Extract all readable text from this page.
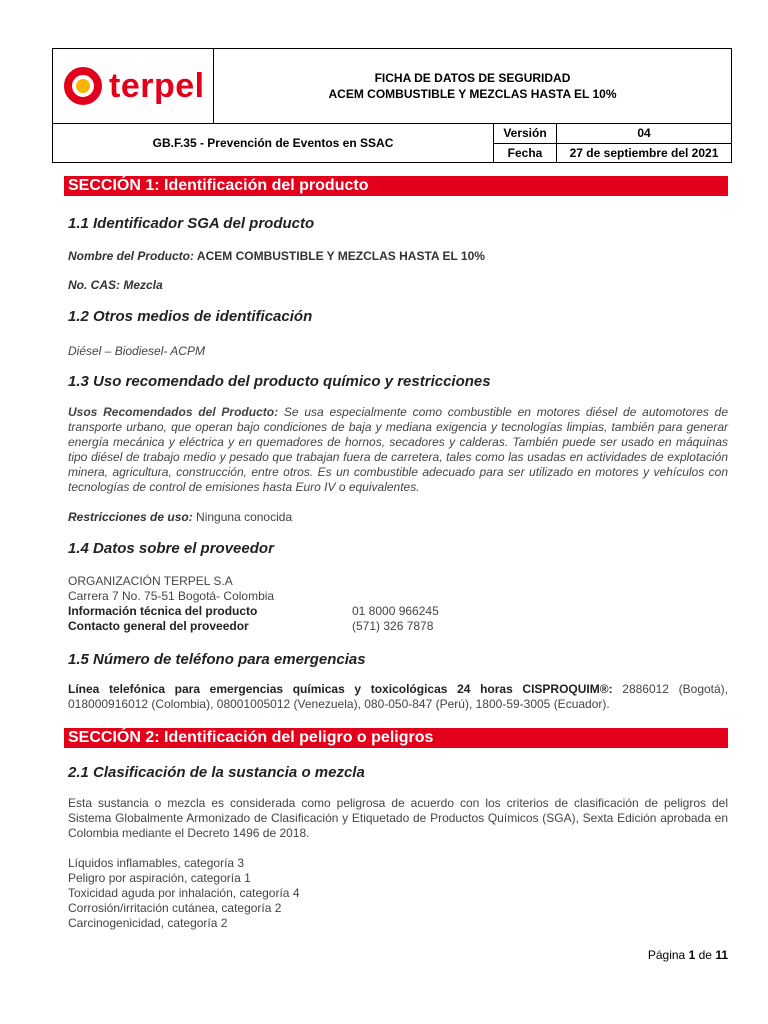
terpel	FICHA DE DATOS DE SEGURIDAD
ACEM COMBUSTIBLE Y MEZCLAS HASTA EL 10%		

GB.F.35 - Prevención de Eventos en SSAC		Versión	04
		Fecha	27 de septiembre del 2021
SECCIÓN 1: Identificación del producto
1.1 Identificador SGA del producto
Nombre del Producto: ACEM COMBUSTIBLE Y MEZCLAS HASTA EL 10%
No. CAS: Mezcla
1.2 Otros medios de identificación
Diésel – Biodiesel- ACPM
1.3 Uso recomendado del producto químico y restricciones
Usos Recomendados del Producto: Se usa especialmente como combustible en motores diésel de automotores de transporte urbano, que operan bajo condiciones de baja y mediana exigencia y tecnologías limpias, también para generar energía mecánica y eléctrica y en quemadores de hornos, secadores y calderas. También puede ser usado en máquinas tipo diésel de trabajo medio y pesado que trabajan fuera de carretera, tales como las usadas en actividades de explotación minera, agricultura, construcción, entre otros. Es un combustible adecuado para ser utilizado en motores y vehículos con tecnologías de control de emisiones hasta Euro IV o equivalentes.
Restricciones de uso: Ninguna conocida
1.4 Datos sobre el proveedor
ORGANIZACIÓN TERPEL S.A
Carrera 7 No. 75-51 Bogotá- Colombia
Información técnica del producto	01 8000 966245
Contacto general del proveedor	(571) 326 7878
1.5 Número de teléfono para emergencias
Línea telefónica para emergencias químicas y toxicológicas 24 horas CISPROQUIM®: 2886012 (Bogotá), 018000916012 (Colombia), 08001005012 (Venezuela), 080-050-847 (Perú), 1800-59-3005 (Ecuador).
SECCIÓN 2: Identificación del peligro o peligros
2.1 Clasificación de la sustancia o mezcla
Esta sustancia o mezcla es considerada como peligrosa de acuerdo con los criterios de clasificación de peligros del Sistema Globalmente Armonizado de Clasificación y Etiquetado de Productos Químicos (SGA), Sexta Edición aprobada en Colombia mediante el Decreto 1496 de 2018.
Líquidos inflamables, categoría 3
Peligro por aspiración, categoría 1
Toxicidad aguda por inhalación, categoría 4
Corrosión/irritación cutánea, categoría 2
Carcinogenicidad, categoría 2
Página 1 de 11
